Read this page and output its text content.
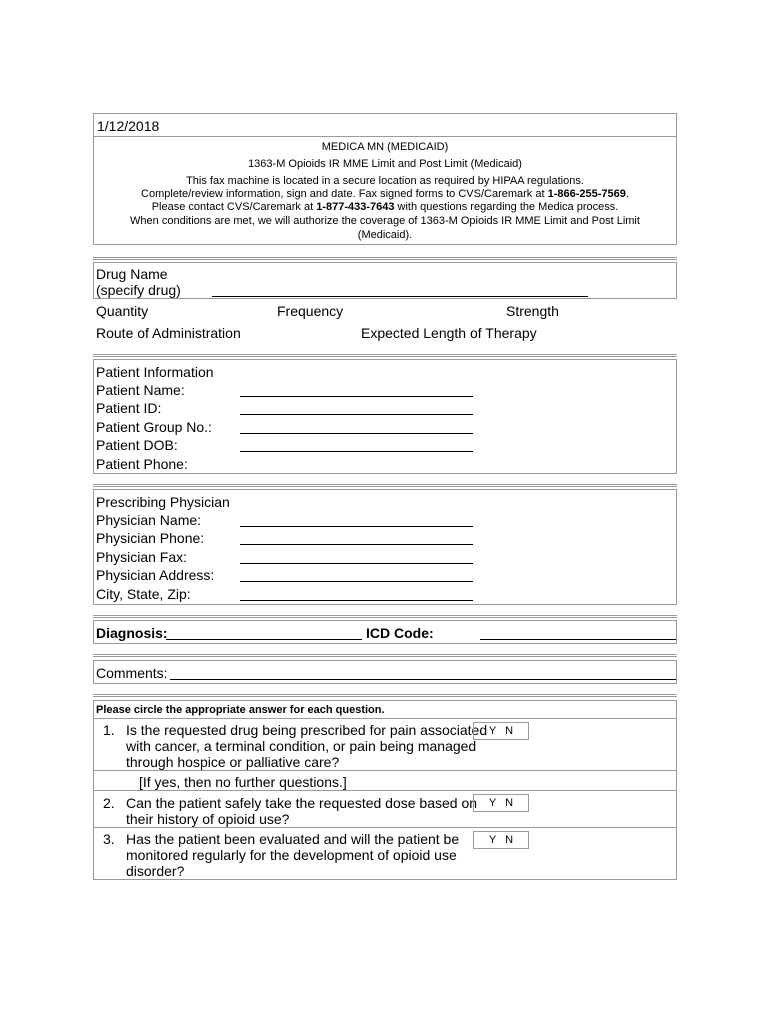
1/12/2018
MEDICA MN (MEDICAID)
1363-M Opioids IR MME Limit and Post Limit (Medicaid)
This fax machine is located in a secure location as required by HIPAA regulations.
Complete/review information, sign and date. Fax signed forms to CVS/Caremark at 1-866-255-7569.
Please contact CVS/Caremark at 1-877-433-7643 with questions regarding the Medica process.
When conditions are met, we will authorize the coverage of 1363-M Opioids IR MME Limit and Post Limit
(Medicaid).
Drug Name
(specify drug)
Quantity	Frequency	Strength
Route of Administration	Expected Length of Therapy
Patient Information
Patient Name:
Patient ID:
Patient Group No.:
Patient DOB:
Patient Phone:
Prescribing Physician
Physician Name:
Physician Phone:
Physician Fax:
Physician Address:
City, State, Zip:
Diagnosis:	ICD Code:
Comments:
Please circle the appropriate answer for each question.
1. Is the requested drug being prescribed for pain associated
with cancer, a terminal condition, or pain being managed
through hospice or palliative care?
Y N
[If yes, then no further questions.]
2. Can the patient safely take the requested dose based on
their history of opioid use?
Y N
3. Has the patient been evaluated and will the patient be
monitored regularly for the development of opioid use
disorder?
Y N
